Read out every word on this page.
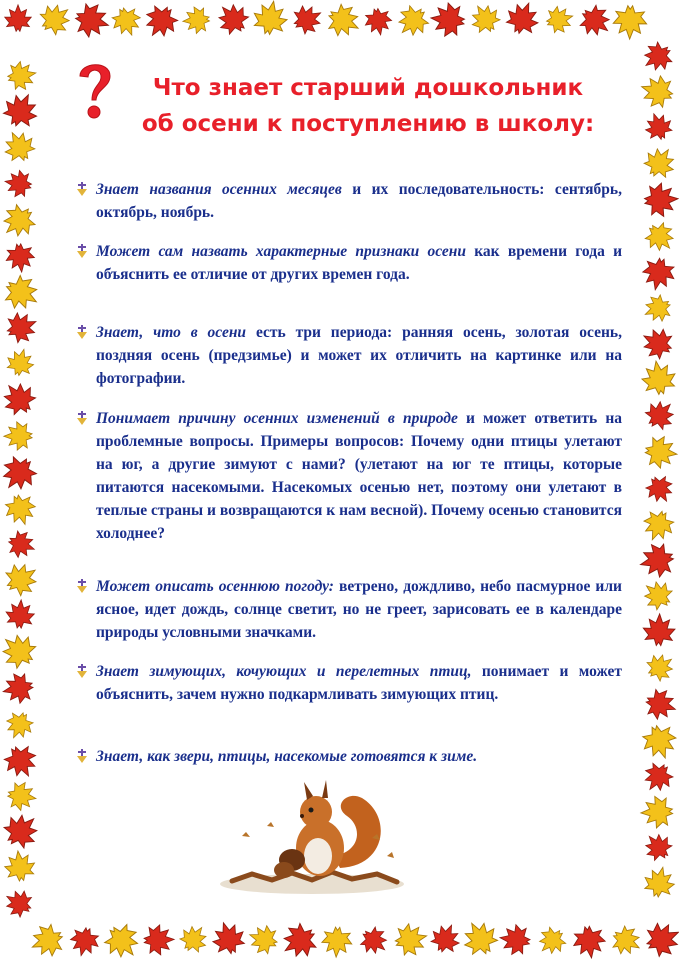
Что знает старший дошкольник
об осени к поступлению в школу:
Знает названия осенних месяцев и их последовательность: сентябрь, октябрь, ноябрь.
Может сам назвать характерные признаки осени как времени года и объяснить ее отличие от других времен года.
Знает, что в осени есть три периода: ранняя осень, золотая осень, поздняя осень (предзимье) и может их отличить на картинке или на фотографии.
Понимает причину осенних изменений в природе и может ответить на проблемные вопросы. Примеры вопросов: Почему одни птицы улетают на юг, а другие зимуют с нами? (улетают на юг те птицы, которые питаются насекомыми. Насекомых осенью нет, поэтому они улетают в теплые страны и возвращаются к нам весной). Почему осенью становится холоднее?
Может описать осеннюю погоду: ветрено, дождливо, небо пасмурное или ясное, идет дождь, солнце светит, но не греет, зарисовать ее в календаре природы условными значками.
Знает зимующих, кочующих и перелетных птиц, понимает и может объяснить, зачем нужно подкармливать зимующих птиц.
Знает, как звери, птицы, насекомые готовятся к зиме.
